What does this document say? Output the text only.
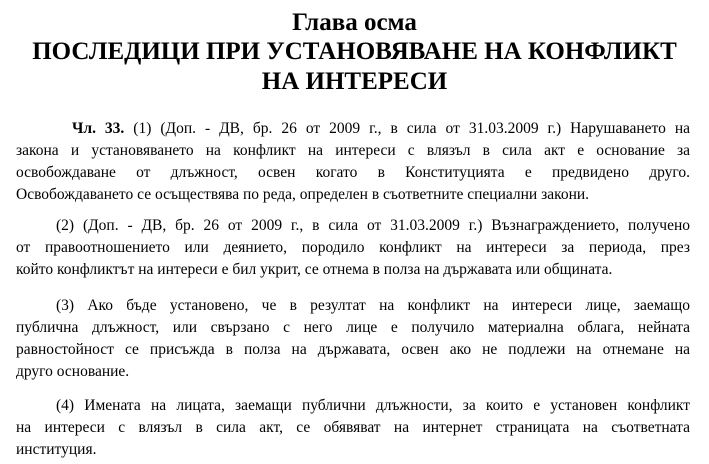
Глава осма
ПОСЛЕДИЦИ ПРИ УСТАНОВЯВАНЕ НА КОНФЛИКТ
НА ИНТЕРЕСИ
Чл. 33. (1) (Доп. - ДВ, бр. 26 от 2009 г., в сила от 31.03.2009 г.) Нарушаването на
закона и установяването на конфликт на интереси с влязъл в сила акт е основание за
освобождаване от длъжност, освен когато в Конституцията е предвидено друго.
Освобождаването се осъществява по реда, определен в съответните специални закони.
(2) (Доп. - ДВ, бр. 26 от 2009 г., в сила от 31.03.2009 г.) Възнаграждението, получено
от правоотношението или деянието, породило конфликт на интереси за периода, през
който конфликтът на интереси е бил укрит, се отнема в полза на държавата или общината.
(3) Ако бъде установено, че в резултат на конфликт на интереси лице, заемащо
публична длъжност, или свързано с него лице е получило материална облага, нейната
равностойност се присъжда в полза на държавата, освен ако не подлежи на отнемане на
друго основание.
(4) Имената на лицата, заемащи публични длъжности, за които е установен конфликт
на интереси с влязъл в сила акт, се обявяват на интернет страницата на съответната
институция.
